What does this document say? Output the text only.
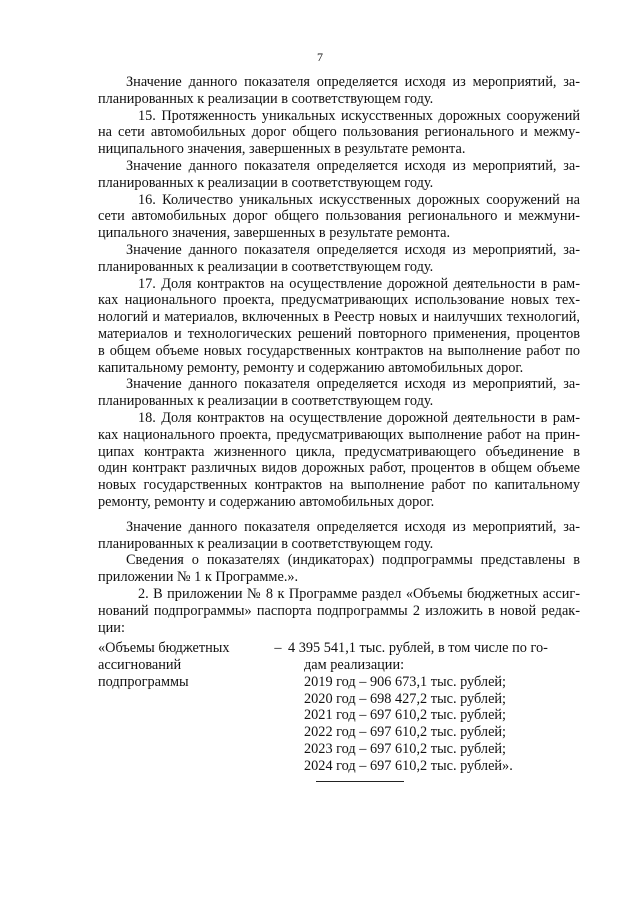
7
Значение данного показателя определяется исходя из мероприятий, за-
планированных к реализации в соответствующем году.
15. Протяженность уникальных искусственных дорожных сооружений
на сети автомобильных дорог общего пользования регионального и межму-
ниципального значения, завершенных в результате ремонта.
Значение данного показателя определяется исходя из мероприятий, за-
планированных к реализации в соответствующем году.
16. Количество уникальных искусственных дорожных сооружений на
сети автомобильных дорог общего пользования регионального и межмуни-
ципального значения, завершенных в результате ремонта.
Значение данного показателя определяется исходя из мероприятий, за-
планированных к реализации в соответствующем году.
17. Доля контрактов на осуществление дорожной деятельности в рам-
ках национального проекта, предусматривающих использование новых тех-
нологий и материалов, включенных в Реестр новых и наилучших технологий,
материалов и технологических решений повторного применения, процентов
в общем объеме новых государственных контрактов на выполнение работ по
капитальному ремонту, ремонту и содержанию автомобильных дорог.
Значение данного показателя определяется исходя из мероприятий, за-
планированных к реализации в соответствующем году.
18. Доля контрактов на осуществление дорожной деятельности в рам-
ках национального проекта, предусматривающих выполнение работ на прин-
ципах контракта жизненного цикла, предусматривающего объединение в
один контракт различных видов дорожных работ, процентов в общем объеме
новых государственных контрактов на выполнение работ по капитальному
ремонту, ремонту и содержанию автомобильных дорог.
Значение данного показателя определяется исходя из мероприятий, за-
планированных к реализации в соответствующем году.
Сведения о показателях (индикаторах) подпрограммы представлены в
приложении № 1 к Программе.».
2. В приложении № 8 к Программе раздел «Объемы бюджетных ассиг-
нований подпрограммы» паспорта подпрограммы 2 изложить в новой редак-
ции:
«Объемы бюджетных
ассигнований
подпрограммы
– 4 395 541,1 тыс. рублей, в том числе по го-
дам реализации:
2019 год – 906 673,1 тыс. рублей;
2020 год – 698 427,2 тыс. рублей;
2021 год – 697 610,2 тыс. рублей;
2022 год – 697 610,2 тыс. рублей;
2023 год – 697 610,2 тыс. рублей;
2024 год – 697 610,2 тыс. рублей».
